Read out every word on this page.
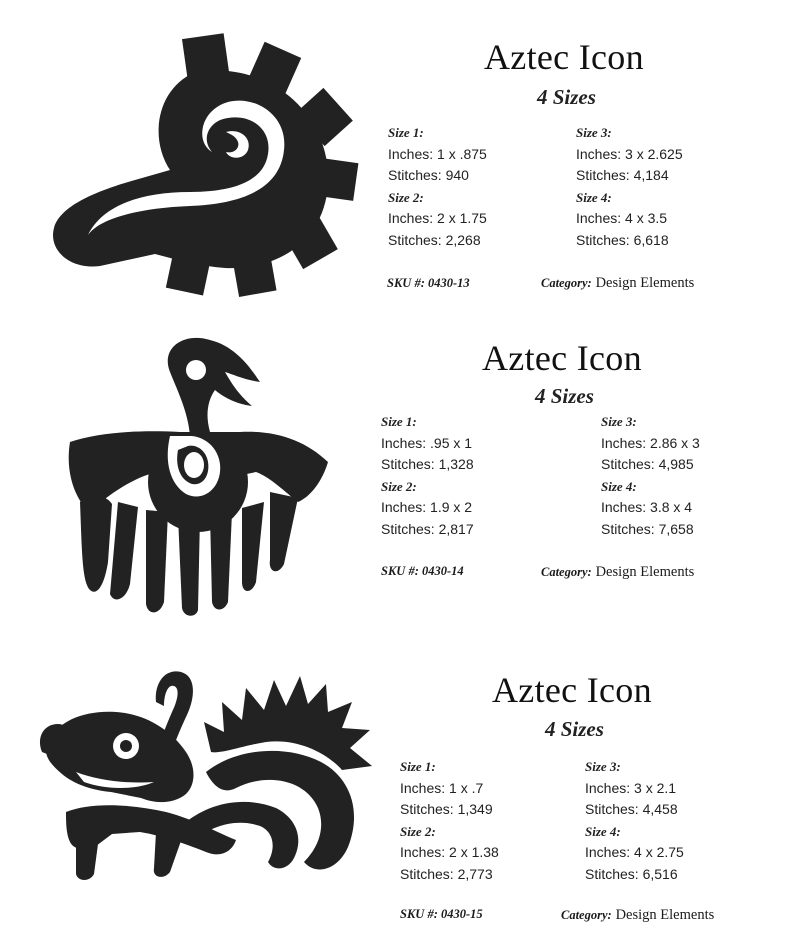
Aztec Icon
4 Sizes
Size 1:
Inches: 1 x .875
Stitches: 940
Size 2:
Inches: 2 x 1.75
Stitches: 2,268
Size 3:
Inches: 3 x 2.625
Stitches: 4,184
Size 4:
Inches: 4 x 3.5
Stitches: 6,618
SKU #: 0430-13	Category: Design Elements
Aztec Icon
4 Sizes
Size 1:
Inches: .95 x 1
Stitches: 1,328
Size 2:
Inches: 1.9 x 2
Stitches: 2,817
Size 3:
Inches: 2.86 x 3
Stitches: 4,985
Size 4:
Inches: 3.8 x 4
Stitches: 7,658
SKU #: 0430-14	Category: Design Elements
Aztec Icon
4 Sizes
Size 1:
Inches: 1 x .7
Stitches: 1,349
Size 2:
Inches: 2 x 1.38
Stitches: 2,773
Size 3:
Inches: 3 x 2.1
Stitches: 4,458
Size 4:
Inches: 4 x 2.75
Stitches: 6,516
SKU #: 0430-15	Category: Design Elements
